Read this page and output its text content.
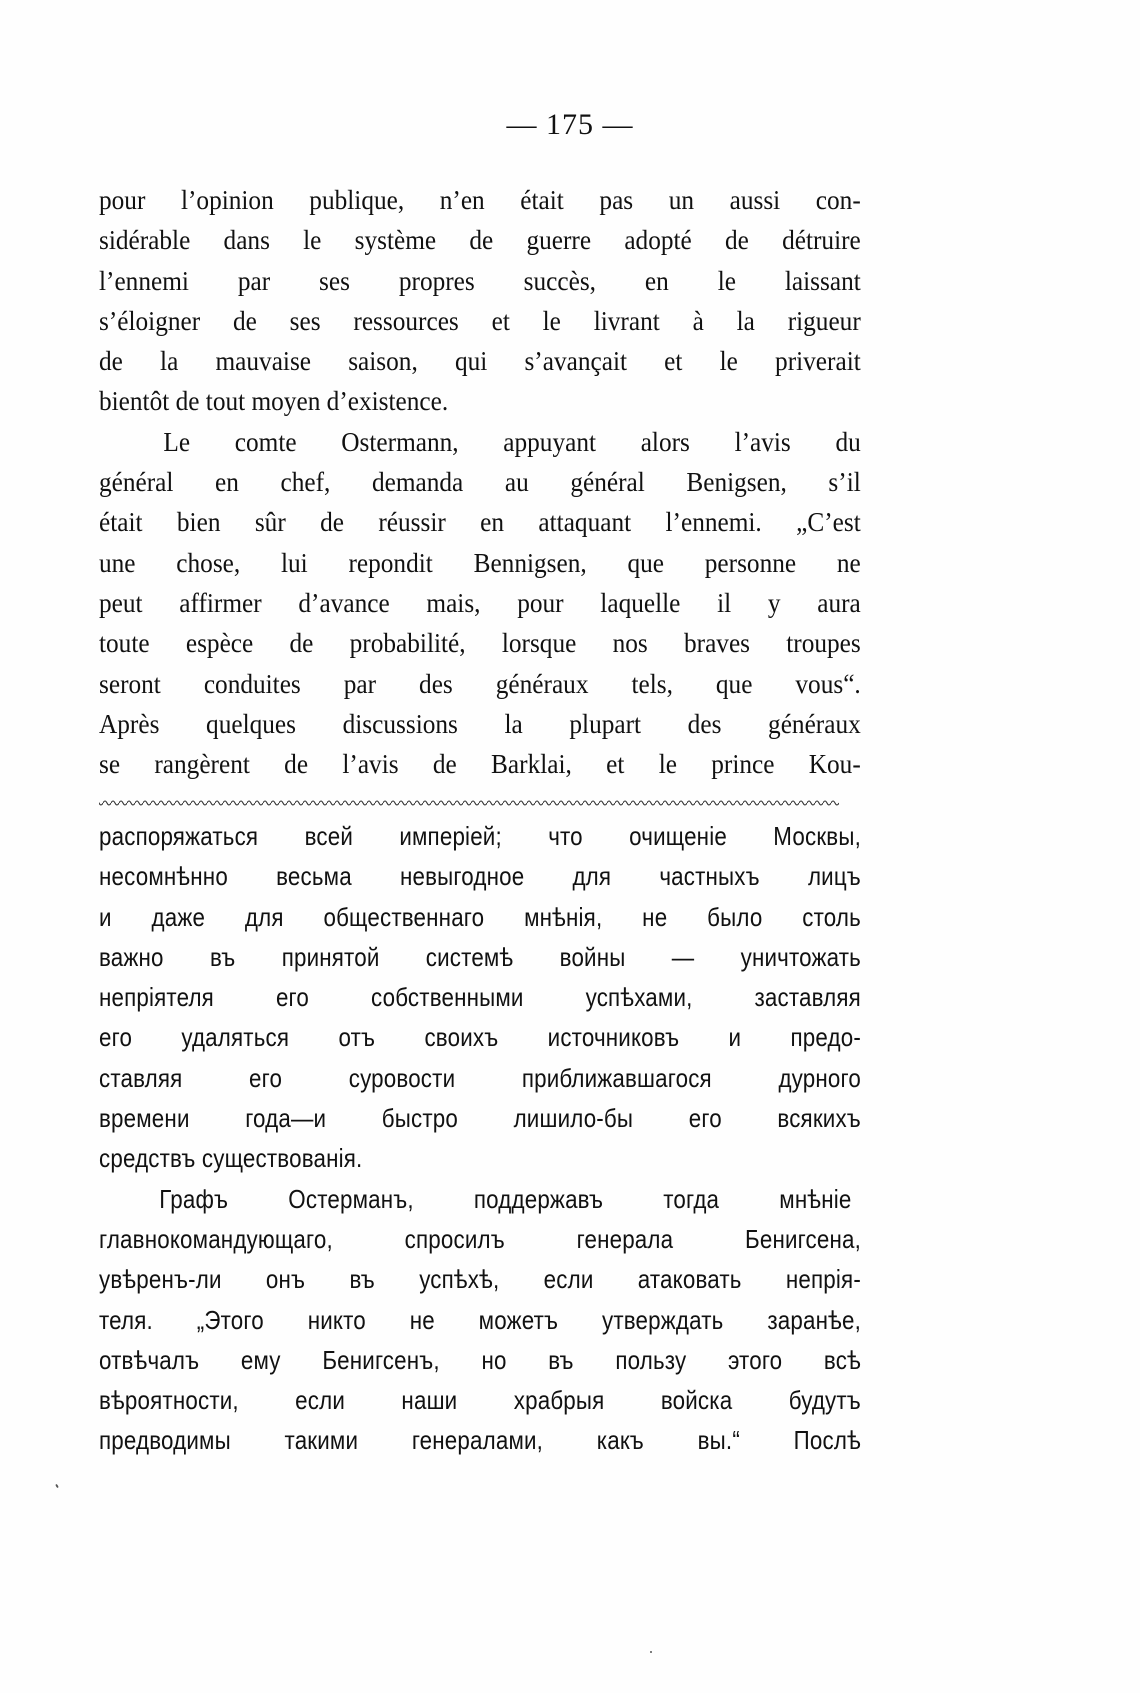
— 175 —
pour l’opinion publique, n’en était pas un aussi con-
sidérable dans le système de guerre adopté de détruire
l’ennemi par ses propres succès, en le laissant
s’éloigner de ses ressources et le livrant à la rigueur
de la mauvaise saison, qui s’avançait et le priverait
bientôt de tout moyen d’existence.
Le comte Ostermann, appuyant alors l’avis du
général en chef, demanda au général Benigsen, s’il
était bien sûr de réussir en attaquant l’ennemi. „C’est
une chose, lui repondit Bennigsen, que personne ne
peut affirmer d’avance mais, pour laquelle il y aura
toute espèce de probabilité, lorsque nos braves troupes
seront conduites par des généraux tels, que vous“.
Après quelques discussions la plupart des généraux
se rangèrent de l’avis de Barklai, et le prince Kou-
распоряжаться всей имперiей; что очищенiе Москвы,
несомнѣнно весьма невыгодное для частныхъ лицъ
и даже для общественнаго мнѣнiя, не было столь
важно въ принятой системѣ войны — уничтожать
непрiятеля его собственными успѣхами, заставляя
его удаляться отъ своихъ источниковъ и предо-
ставляя его суровости приближавшагося дурного
времени года—и быстро лишило-бы его всякихъ
средствъ существованiя.
Графъ Остерманъ, поддержавъ тогда мнѣнiе
главнокомандующаго, спросилъ генерала Бенигсена,
увѣренъ-ли онъ въ успѣхѣ, если атаковать непрiя-
теля. „Этого никто не можетъ утверждать заранѣе,
отвѣчалъ ему Бенигсенъ, но въ пользу этого всѣ
вѣроятности, если наши храбрыя войска будутъ
предводимы такими генералами, какъ вы.“ Послѣ
